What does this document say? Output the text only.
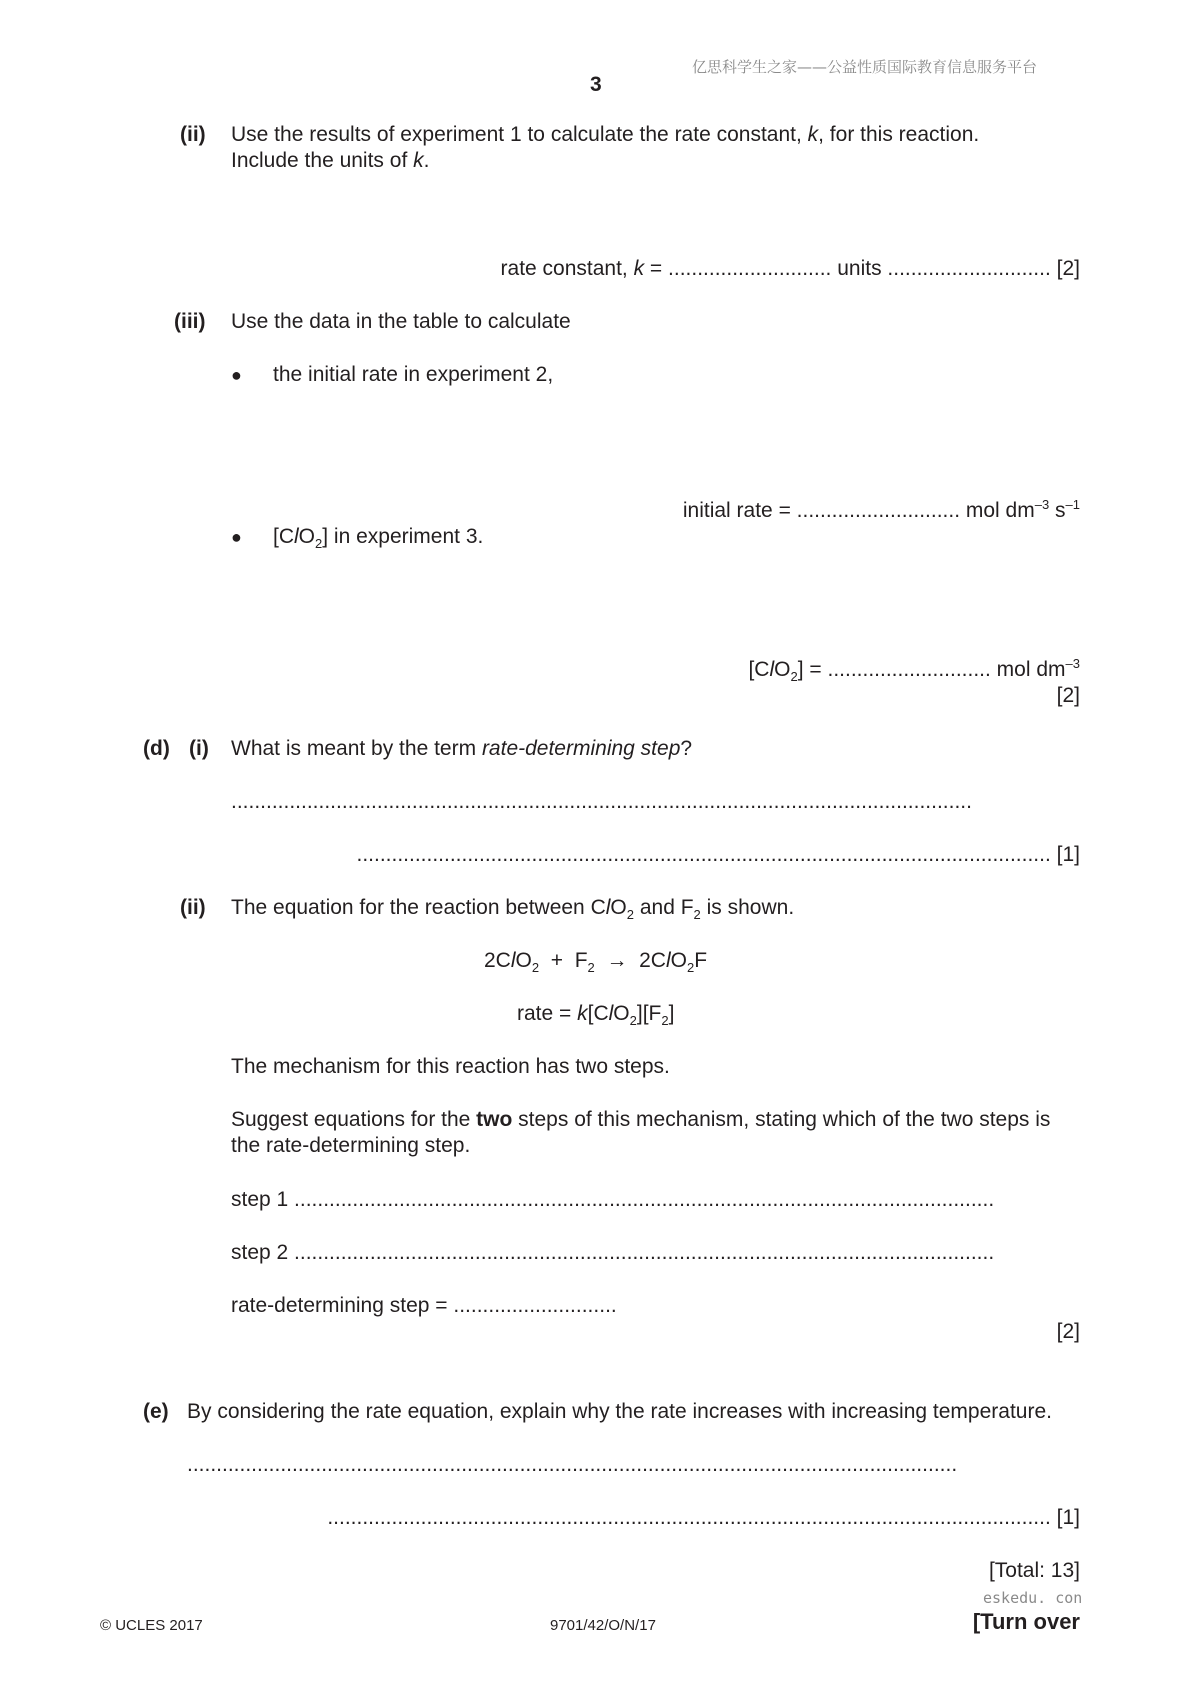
亿思科学生之家——公益性质国际教育信息服务平台
3
(ii) Use the results of experiment 1 to calculate the rate constant, k, for this reaction.
Include the units of k.
rate constant, k = ............................ units ............................ [2]
(iii) Use the data in the table to calculate
● the initial rate in experiment 2,
initial rate = ............................ mol $dm^{-3}$ $s^{-1}$
● [ClO$_2$] in experiment 3.
[ClO$_2$] = ............................ mol $dm^{-3}$
[2]
(d) (i) What is meant by the term rate-determining step?
...............................................................................................................................
....................................................................................................................... [1]
(ii) The equation for the reaction between ClO$_2$ and $F_2$ is shown.
$2ClO_2 + F_2 \to 2ClO_2F$
rate = $k[ClO_2][F_2]$
The mechanism for this reaction has two steps.
Suggest equations for the two steps of this mechanism, stating which of the two steps is
the rate-determining step.
step 1 ........................................................................................................................
step 2 ........................................................................................................................
rate-determining step = ............................
[2]
(e) By considering the rate equation, explain why the rate increases with increasing temperature.
....................................................................................................................................
............................................................................................................................ [1]
[Total: 13]
eskedu. con
© UCLES 2017	9701/42/O/N/17	[Turn over
